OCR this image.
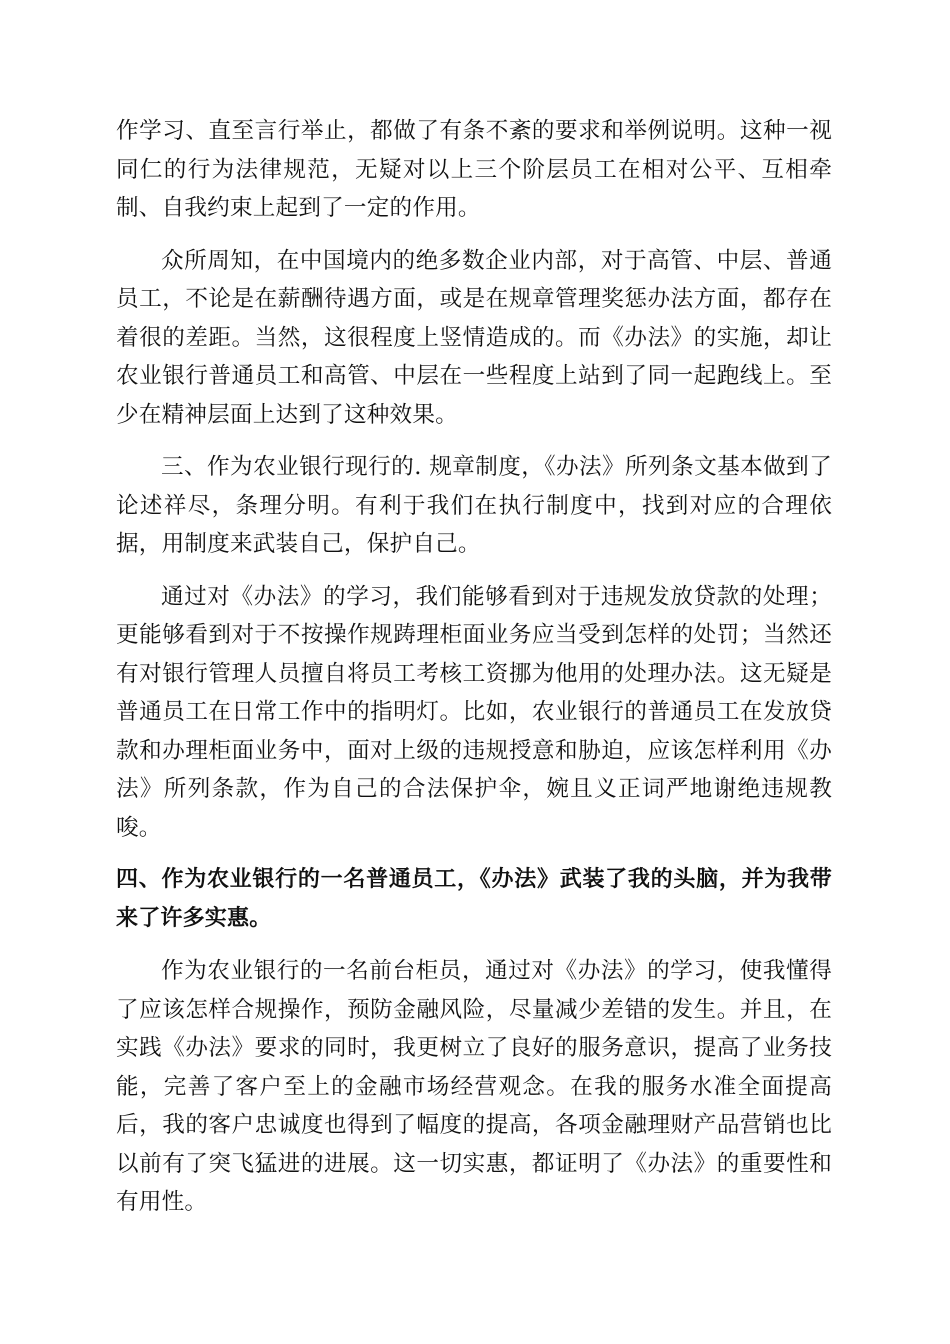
作学习、直至言行举止，都做了有条不紊的要求和举例说明。这种一视同仁的行为法律规范，无疑对以上三个阶层员工在相对公平、互相牵制、自我约束上起到了一定的作用。

众所周知，在中国境内的绝多数企业内部，对于高管、中层、普通员工，不论是在薪酬待遇方面，或是在规章管理奖惩办法方面，都存在着很的差距。当然，这很程度上竖情造成的。而《办法》的实施，却让农业银行普通员工和高管、中层在一些程度上站到了同一起跑线上。至少在精神层面上达到了这种效果。

三、作为农业银行现行的. 规章制度，《办法》所列条文基本做到了论述祥尽，条理分明。有利于我们在执行制度中，找到对应的合理依据，用制度来武装自己，保护自己。

通过对《办法》的学习，我们能够看到对于违规发放贷款的处理；更能够看到对于不按操作规踌理柜面业务应当受到怎样的处罚；当然还有对银行管理人员擅自将员工考核工资挪为他用的处理办法。这无疑是普通员工在日常工作中的指明灯。比如，农业银行的普通员工在发放贷款和办理柜面业务中，面对上级的违规授意和胁迫，应该怎样利用《办法》所列条款，作为自己的合法保护伞，婉且义正词严地谢绝违规教唆。

四、作为农业银行的一名普通员工，《办法》武装了我的头脑，并为我带来了许多实惠。

作为农业银行的一名前台柜员，通过对《办法》的学习，使我懂得了应该怎样合规操作，预防金融风险，尽量减少差错的发生。并且，在实践《办法》要求的同时，我更树立了良好的服务意识，提高了业务技能，完善了客户至上的金融市场经营观念。在我的服务水准全面提高后，我的客户忠诚度也得到了幅度的提高，各项金融理财产品营销也比以前有了突飞猛进的进展。这一切实惠，都证明了《办法》的重要性和有用性。
